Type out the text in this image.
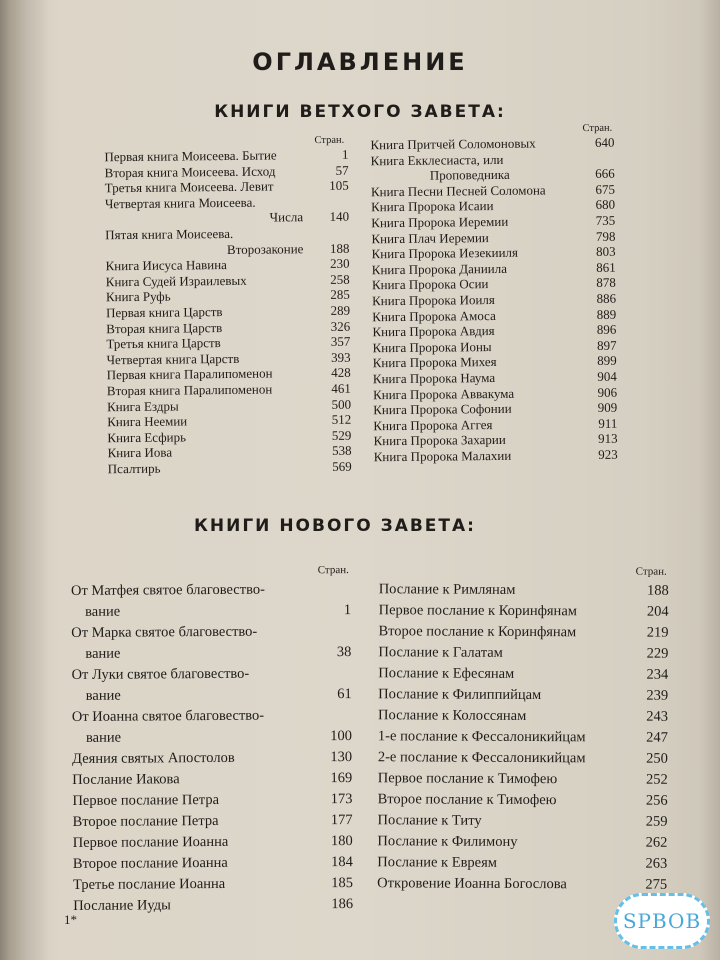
ОГЛАВЛЕНИЕ
КНИГИ ВЕТХОГО ЗАВЕТА:
Стран.
Первая книга Моисеева. Бытие	1
Вторая книга Моисеева. Исход	57
Третья книга Моисеева. Левит	105
Четвертая книга Моисеева.
Числа	140
Пятая книга Моисеева.
Второзаконие	188
Книга Иисуса Навина	230
Книга Судей Израилевых	258
Книга Руфь	285
Первая книга Царств	289
Вторая книга Царств	326
Третья книга Царств	357
Четвертая книга Царств	393
Первая книга Паралипоменон	428
Вторая книга Паралипоменон	461
Книга Ездры	500
Книга Неемии	512
Книга Есфирь	529
Книга Иова	538
Псалтирь	569
Стран.
Книга Притчей Соломоновых	640
Книга Екклесиаста, или
Проповедника	666
Книга Песни Песней Соломона	675
Книга Пророка Исаии	680
Книга Пророка Иеремии	735
Книга Плач Иеремии	798
Книга Пророка Иезекииля	803
Книга Пророка Даниила	861
Книга Пророка Осии	878
Книга Пророка Иоиля	886
Книга Пророка Амоса	889
Книга Пророка Авдия	896
Книга Пророка Ионы	897
Книга Пророка Михея	899
Книга Пророка Наума	904
Книга Пророка Аввакума	906
Книга Пророка Софонии	909
Книга Пророка Аггея	911
Книга Пророка Захарии	913
Книга Пророка Малахии	923
КНИГИ НОВОГО ЗАВЕТА:
Стран.
От Матфея святое благовество-
вание	1
От Марка святое благовество-
вание	38
От Луки святое благовество-
вание	61
От Иоанна святое благовество-
вание	100
Деяния святых Апостолов	130
Послание Иакова	169
Первое послание Петра	173
Второе послание Петра	177
Первое послание Иоанна	180
Второе послание Иоанна	184
Третье послание Иоанна	185
Послание Иуды	186
Стран.
Послание к Римлянам	188
Первое послание к Коринфянам	204
Второе послание к Коринфянам	219
Послание к Галатам	229
Послание к Ефесянам	234
Послание к Филиппийцам	239
Послание к Колоссянам	243
1-е послание к Фессалоникийцам	247
2-е послание к Фессалоникийцам	250
Первое послание к Тимофею	252
Второе послание к Тимофею	256
Послание к Титу	259
Послание к Филимону	262
Послание к Евреям	263
Откровение Иоанна Богослова	275
1*	SPBOB
